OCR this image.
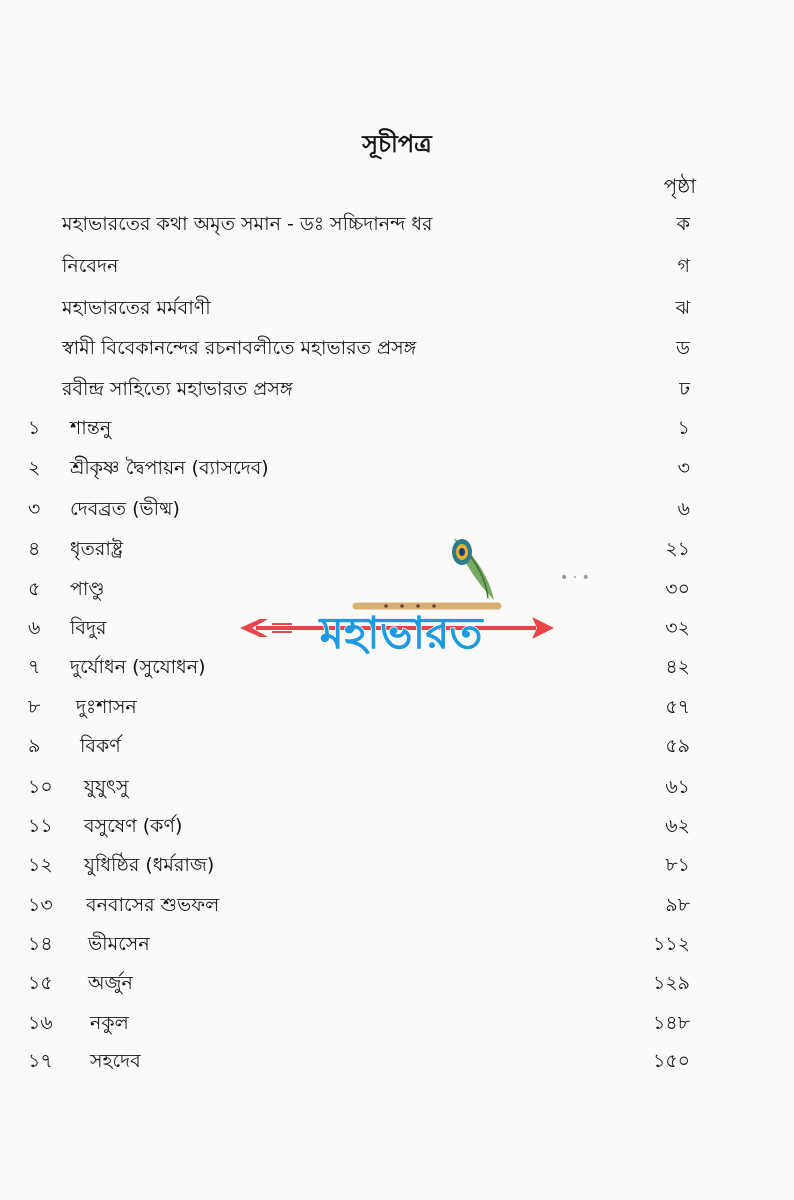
সূচীপত্র
পৃষ্ঠা
মহাভারতের কথা অমৃত সমান - ডঃ সচ্চিদানন্দ ধর	ক
নিবেদন	গ
মহাভারতের মর্মবাণী	ঝ
স্বামী বিবেকানন্দের রচনাবলীতে মহাভারত প্রসঙ্গ	ড
রবীন্দ্র সাহিত্যে মহাভারত প্রসঙ্গ	ঢ
১	শান্তনু	১
২	শ্রীকৃষ্ণ দ্বৈপায়ন (ব্যাসদেব)	৩
৩	দেবব্রত (ভীষ্ম)	৬
৪	ধৃতরাষ্ট্র	২১
৫	পাণ্ডু	৩০
৬	বিদুর	৩২
৭	দুর্যোধন (সুযোধন)	৪২
৮	দুঃশাসন	৫৭
৯	বিকর্ণ	৫৯
১০	যুযুৎসু	৬১
১১	বসুষেণ (কর্ণ)	৬২
১২	যুধিষ্ঠির (ধর্মরাজ)	৮১
১৩	বনবাসের শুভফল	৯৮
১৪	ভীমসেন	১১২
১৫	অর্জুন	১২৯
১৬	নকুল	১৪৮
১৭	সহদেব	১৫০
মহাভারত
• · •
